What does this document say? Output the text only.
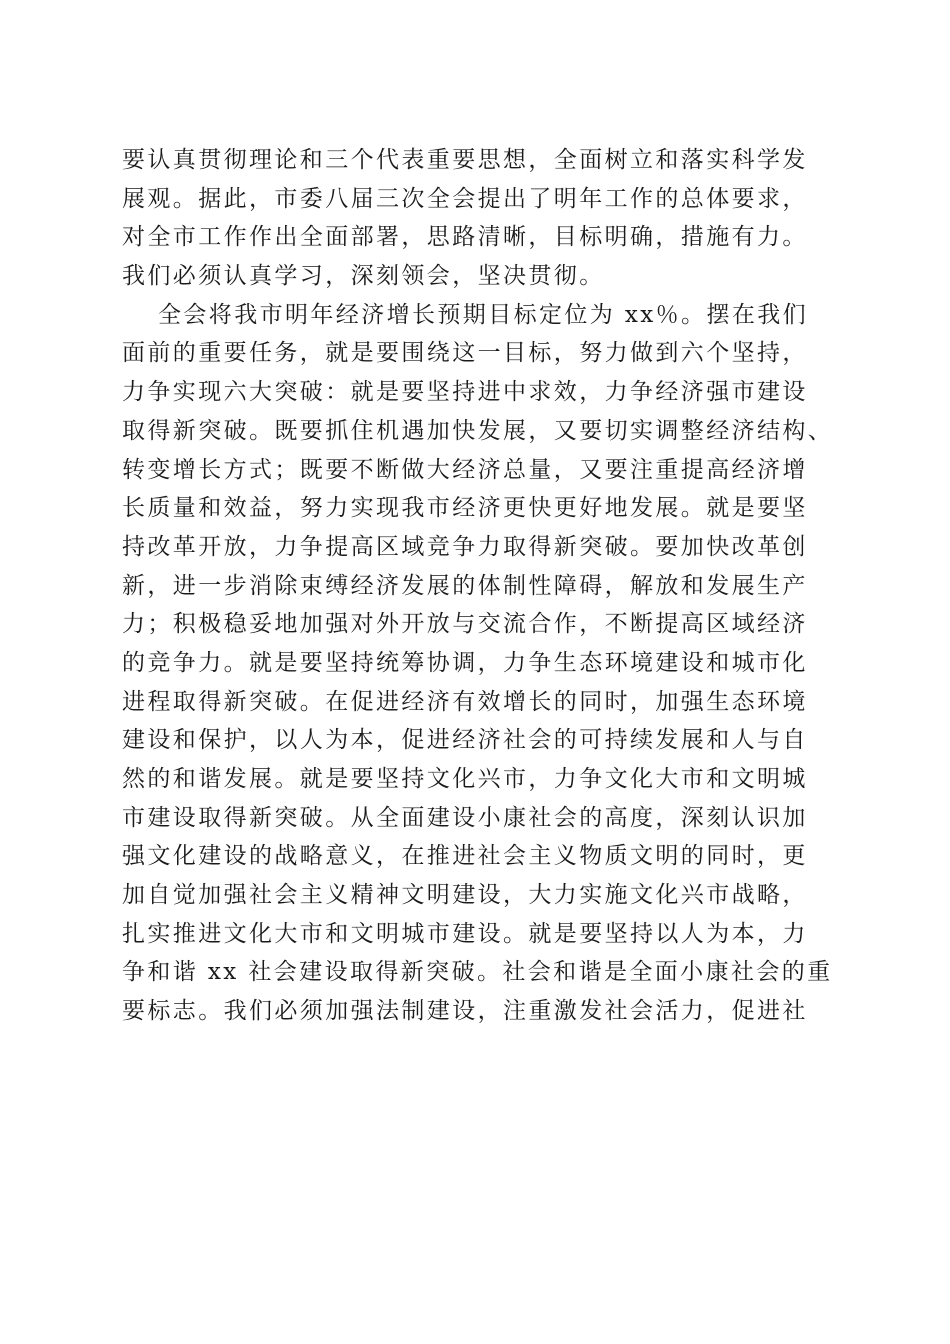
要认真贯彻理论和三个代表重要思想，全面树立和落实科学发
展观。据此，市委八届三次全会提出了明年工作的总体要求，
对全市工作作出全面部署，思路清晰，目标明确，措施有力。
我们必须认真学习，深刻领会，坚决贯彻。
全会将我市明年经济增长预期目标定位为 xx％。摆在我们
面前的重要任务，就是要围绕这一目标，努力做到六个坚持，
力争实现六大突破：就是要坚持进中求效，力争经济强市建设
取得新突破。既要抓住机遇加快发展，又要切实调整经济结构、
转变增长方式；既要不断做大经济总量，又要注重提高经济增
长质量和效益，努力实现我市经济更快更好地发展。就是要坚
持改革开放，力争提高区域竞争力取得新突破。要加快改革创
新，进一步消除束缚经济发展的体制性障碍，解放和发展生产
力；积极稳妥地加强对外开放与交流合作，不断提高区域经济
的竞争力。就是要坚持统筹协调，力争生态环境建设和城市化
进程取得新突破。在促进经济有效增长的同时，加强生态环境
建设和保护，以人为本，促进经济社会的可持续发展和人与自
然的和谐发展。就是要坚持文化兴市，力争文化大市和文明城
市建设取得新突破。从全面建设小康社会的高度，深刻认识加
强文化建设的战略意义，在推进社会主义物质文明的同时，更
加自觉加强社会主义精神文明建设，大力实施文化兴市战略，
扎实推进文化大市和文明城市建设。就是要坚持以人为本，力
争和谐 xx 社会建设取得新突破。社会和谐是全面小康社会的重
要标志。我们必须加强法制建设，注重激发社会活力，促进社
